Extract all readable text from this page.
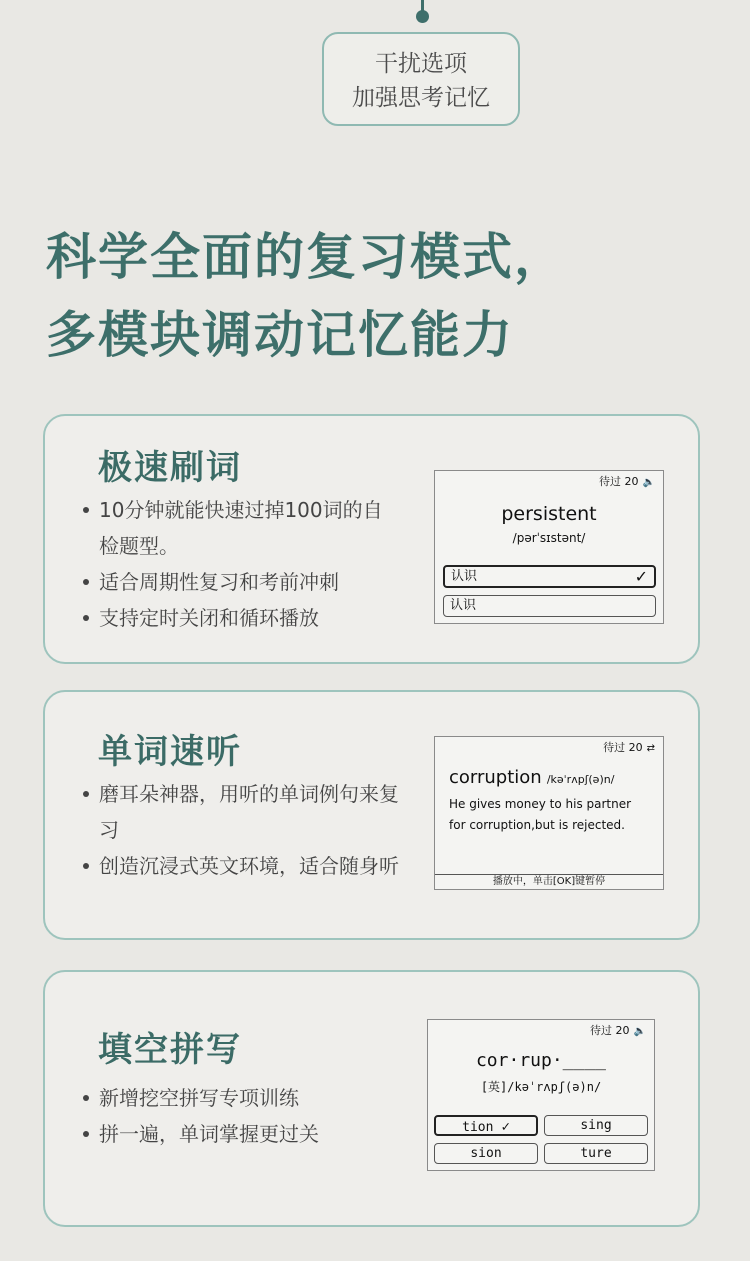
干扰选项
加强思考记忆
科学全面的复习模式，
多模块调动记忆能力
极速刷词
10分钟就能快速过掉100词的自检题型。
适合周期性复习和考前冲刺
支持定时关闭和循环播放
待过 20 🔈
persistent
/pərˈsɪstənt/
认识	✓
认识
单词速听
磨耳朵神器，用听的单词例句来复习
创造沉浸式英文环境，适合随身听
待过 20 ⇄
corruption /kəˈrʌpʃ(ə)n/
He gives money to his partner
for corruption,but is rejected.
播放中，单击[OK]键暂停
填空拼写
新增挖空拼写专项训练
拼一遍，单词掌握更过关
待过 20 🔈
cor·rup·____
[英]/kəˈrʌpʃ(ə)n/
tion ✓	sing
sion	ture
